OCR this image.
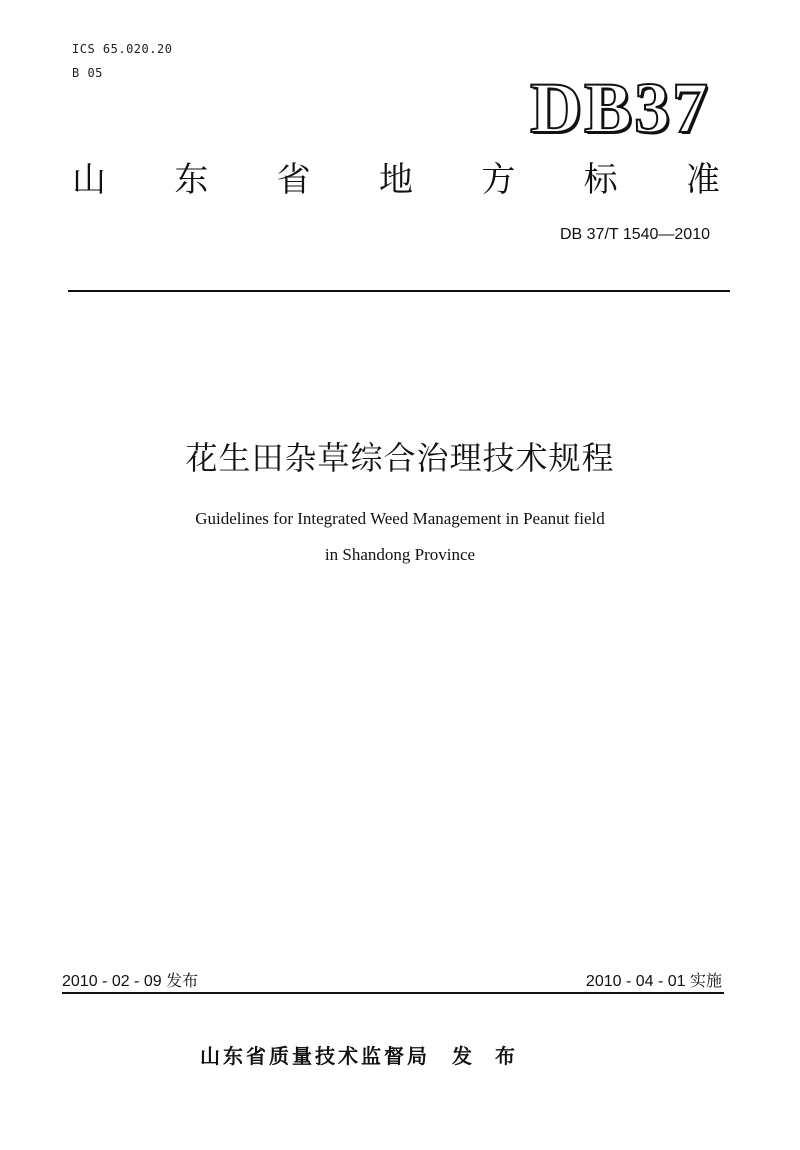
ICS 65.020.20
B 05	DB37
山 东 省 地 方 标 准
DB 37/T 1540—2010
花生田杂草综合治理技术规程
Guidelines for Integrated Weed Management in Peanut field
in Shandong Province
2010 - 02 - 09 发布	2010 - 04 - 01 实施
山东省质量技术监督局 发 布
